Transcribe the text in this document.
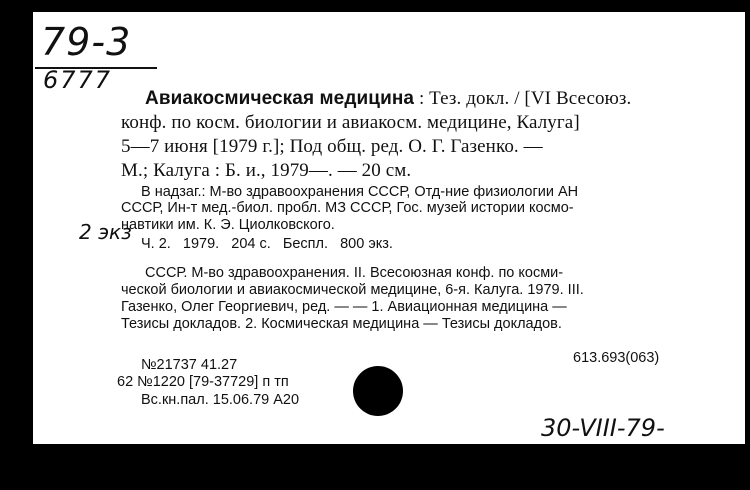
79-3
6777
Авиакосмическая медицина : Тез. докл. / [VI Всесоюз.
конф. по косм. биологии и авиакосм. медицине, Калуга]
5—7 июня [1979 г.]; Под общ. ред. О. Г. Газенко. —
М.; Калуга : Б. и., 1979—. — 20 см.
В надзаг.: М-во здравоохранения СССР, Отд-ние физиологии АН
СССР, Ин-т мед.-биол. пробл. МЗ СССР, Гос. музей истории космо-
навтики им. К. Э. Циолковского.
2 экз Ч. 2.   1979.   204 с.   Беспл.   800 экз.
СССР. М-во здравоохранения. II. Всесоюзная конф. по косми-
ческой биологии и авиакосмической медицине, 6-я. Калуга. 1979. III.
Газенко, Олег Георгиевич, ред. — — 1. Авиационная медицина —
Тезисы докладов. 2. Космическая медицина — Тезисы докладов.
№21737 41.27	613.693(063)
62 №1220 [79-37729] п тп
Вс.кн.пал. 15.06.79 А20
30-VIII-79-
